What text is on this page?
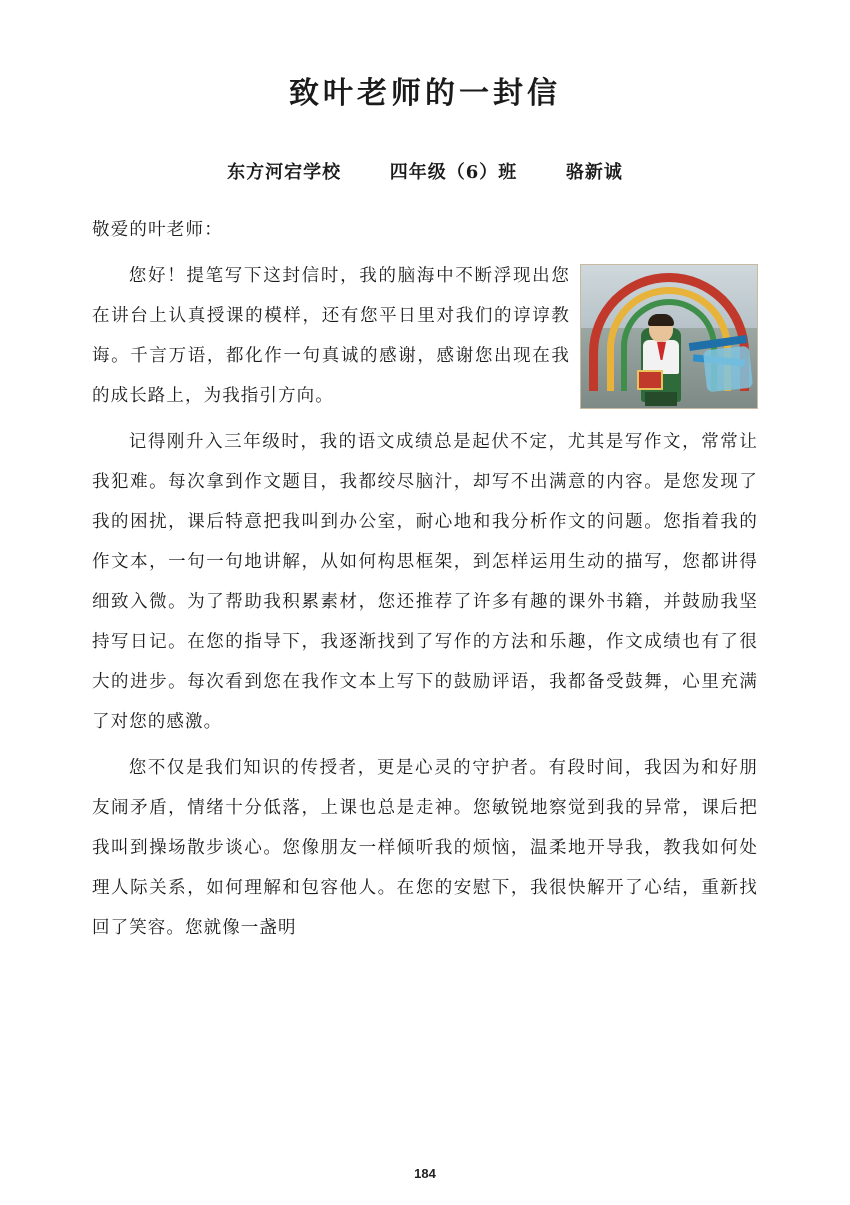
致叶老师的一封信
东方河宕学校	四年级（6）班	骆新诚
敬爱的叶老师：

您好！提笔写下这封信时，我的脑海中不断浮现出您在讲台上认真授课的模样，还有您平日里对我们的谆谆教诲。千言万语，都化作一句真诚的感谢，感谢您出现在我的成长路上，为我指引方向。

记得刚升入三年级时，我的语文成绩总是起伏不定，尤其是写作文，常常让我犯难。每次拿到作文题目，我都绞尽脑汁，却写不出满意的内容。是您发现了我的困扰，课后特意把我叫到办公室，耐心地和我分析作文的问题。您指着我的作文本，一句一句地讲解，从如何构思框架，到怎样运用生动的描写，您都讲得细致入微。为了帮助我积累素材，您还推荐了许多有趣的课外书籍，并鼓励我坚持写日记。在您的指导下，我逐渐找到了写作的方法和乐趣，作文成绩也有了很大的进步。每次看到您在我作文本上写下的鼓励评语，我都备受鼓舞，心里充满了对您的感激。

您不仅是我们知识的传授者，更是心灵的守护者。有段时间，我因为和好朋友闹矛盾，情绪十分低落，上课也总是走神。您敏锐地察觉到我的异常，课后把我叫到操场散步谈心。您像朋友一样倾听我的烦恼，温柔地开导我，教我如何处理人际关系，如何理解和包容他人。在您的安慰下，我很快解开了心结，重新找回了笑容。您就像一盏明

184
